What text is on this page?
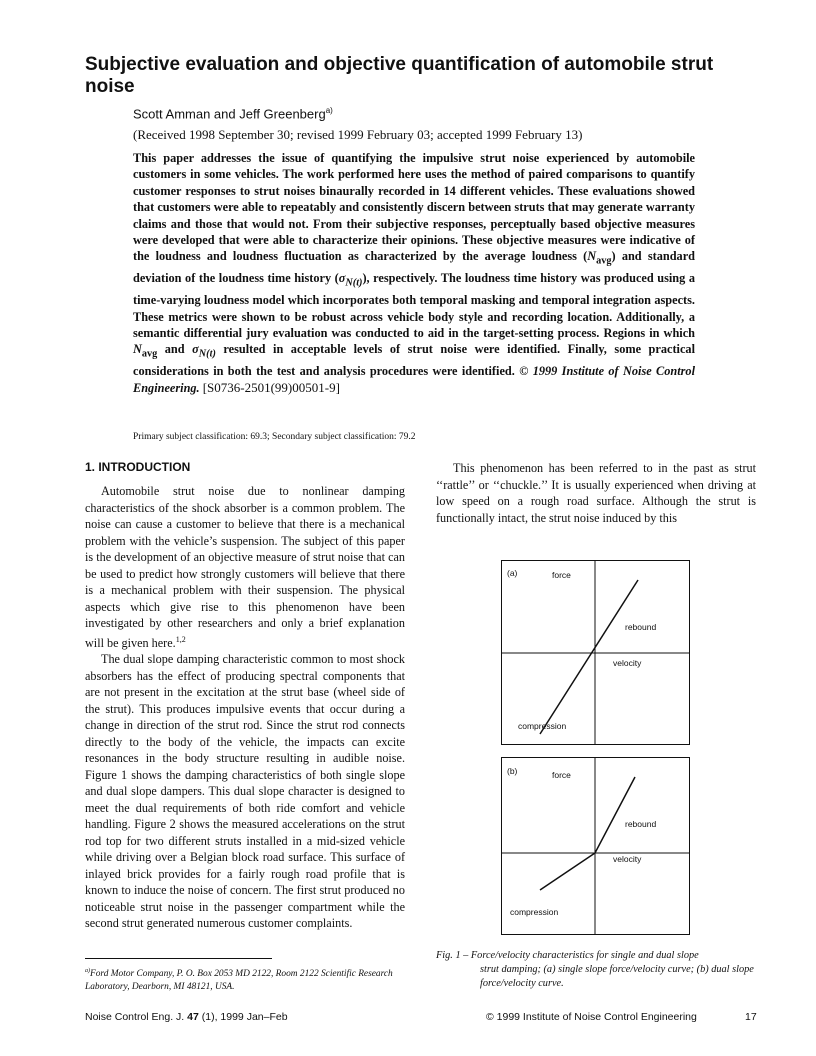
Subjective evaluation and objective quantification of automobile strut noise
Scott Amman and Jeff Greenberg$^{a)}$
(Received 1998 September 30; revised 1999 February 03; accepted 1999 February 13)

This paper addresses the issue of quantifying the impulsive strut noise experienced by automobile customers in some vehicles. The work performed here uses the method of paired comparisons to quantify customer responses to strut noises binaurally recorded in 14 different vehicles. These evaluations showed that customers were able to repeatably and consistently discern between struts that may generate warranty claims and those that would not. From their subjective responses, perceptually based objective measures were developed that were able to characterize their opinions. These objective measures were indicative of the loudness and loudness fluctuation as characterized by the average loudness $(N_{avg})$ and standard deviation of the loudness time history $(\sigma_{N(t)})$, respectively. The loudness time history was produced using a time-varying loudness model which incorporates both temporal masking and temporal integration aspects. These metrics were shown to be robust across vehicle body style and recording location. Additionally, a semantic differential jury evaluation was conducted to aid in the target-setting process. Regions in which $N_{avg}$ and $\sigma_{N(t)}$ resulted in acceptable levels of strut noise were identified. Finally, some practical considerations in both the test and analysis procedures were identified. © 1999 Institute of Noise Control Engineering. [S0736-2501(99)00501-9]

Primary subject classification: 69.3; Secondary subject classification: 79.2
1. INTRODUCTION

Automobile strut noise due to nonlinear damping characteristics of the shock absorber is a common problem. The noise can cause a customer to believe that there is a mechanical problem with the vehicle’s suspension. The subject of this paper is the development of an objective measure of strut noise that can be used to predict how strongly customers will believe that there is a mechanical problem with their suspension. The physical aspects which give rise to this phenomenon have been investigated by other researchers and only a brief explanation will be given here.$^{1,2}$

The dual slope damping characteristic common to most shock absorbers has the effect of producing spectral components that are not present in the excitation at the strut base (wheel side of the strut). This produces impulsive events that occur during a change in direction of the strut rod. Since the strut rod connects directly to the body of the vehicle, the impacts can excite resonances in the body structure resulting in audible noise. Figure 1 shows the damping characteristics of both single slope and dual slope dampers. This dual slope character is designed to meet the dual requirements of both ride comfort and vehicle handling. Figure 2 shows the measured accelerations on the strut rod top for two different struts installed in a mid-sized vehicle while driving over a Belgian block road surface. This surface of inlayed brick provides for a fairly rough road profile that is known to induce the noise of concern. The first strut produced no noticeable strut noise in the passenger compartment while the second strut generated numerous customer complaints.

$^{a)}$Ford Motor Company, P. O. Box 2053 MD 2122, Room 2122 Scientific Research Laboratory, Dearborn, MI 48121, USA.

This phenomenon has been referred to in the past as strut ‘‘rattle’’ or ‘‘chuckle.’’ It is usually experienced when driving at low speed on a rough road surface. Although the strut is functionally intact, the strut noise induced by this

(a)	force
rebound
velocity
compression
(b)	force
rebound
velocity
compression
Fig. 1 – Force/velocity characteristics for single and dual slope
strut damping; (a) single slope force/velocity curve; (b) dual slope force/velocity curve.
Noise Control Eng. J. 47 (1), 1999 Jan–Feb	© 1999 Institute of Noise Control Engineering	17
